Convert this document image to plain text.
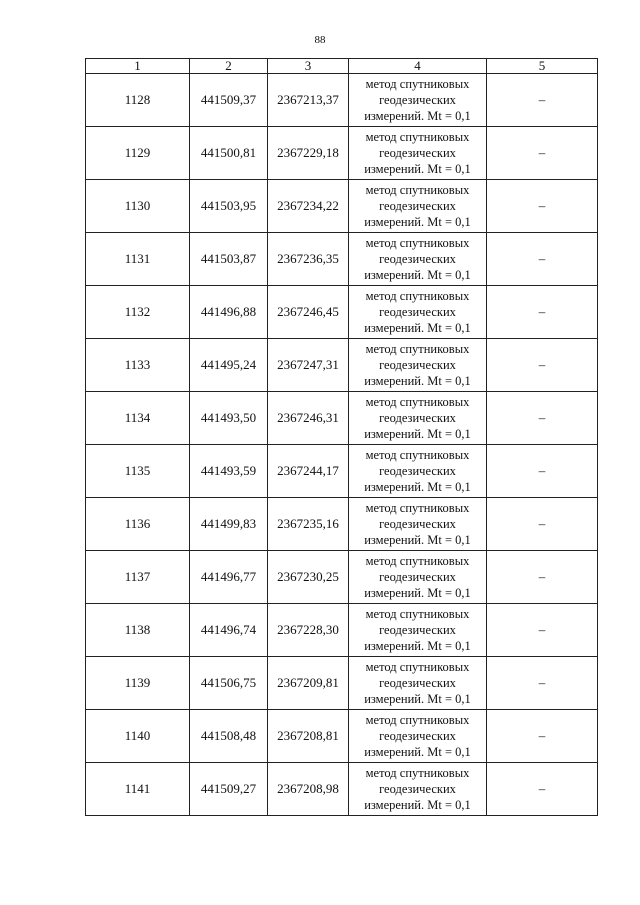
88
1	2	3	4	5
1128	441509,37	2367213,37	метод спутниковых
геодезических
измерений. Mt = 0,1	–
1129	441500,81	2367229,18	метод спутниковых
геодезических
измерений. Mt = 0,1	–
1130	441503,95	2367234,22	метод спутниковых
геодезических
измерений. Mt = 0,1	–
1131	441503,87	2367236,35	метод спутниковых
геодезических
измерений. Mt = 0,1	–
1132	441496,88	2367246,45	метод спутниковых
геодезических
измерений. Mt = 0,1	–
1133	441495,24	2367247,31	метод спутниковых
геодезических
измерений. Mt = 0,1	–
1134	441493,50	2367246,31	метод спутниковых
геодезических
измерений. Mt = 0,1	–
1135	441493,59	2367244,17	метод спутниковых
геодезических
измерений. Mt = 0,1	–
1136	441499,83	2367235,16	метод спутниковых
геодезических
измерений. Mt = 0,1	–
1137	441496,77	2367230,25	метод спутниковых
геодезических
измерений. Mt = 0,1	–
1138	441496,74	2367228,30	метод спутниковых
геодезических
измерений. Mt = 0,1	–
1139	441506,75	2367209,81	метод спутниковых
геодезических
измерений. Mt = 0,1	–
1140	441508,48	2367208,81	метод спутниковых
геодезических
измерений. Mt = 0,1	–
1141	441509,27	2367208,98	метод спутниковых
геодезических
измерений. Mt = 0,1	–
